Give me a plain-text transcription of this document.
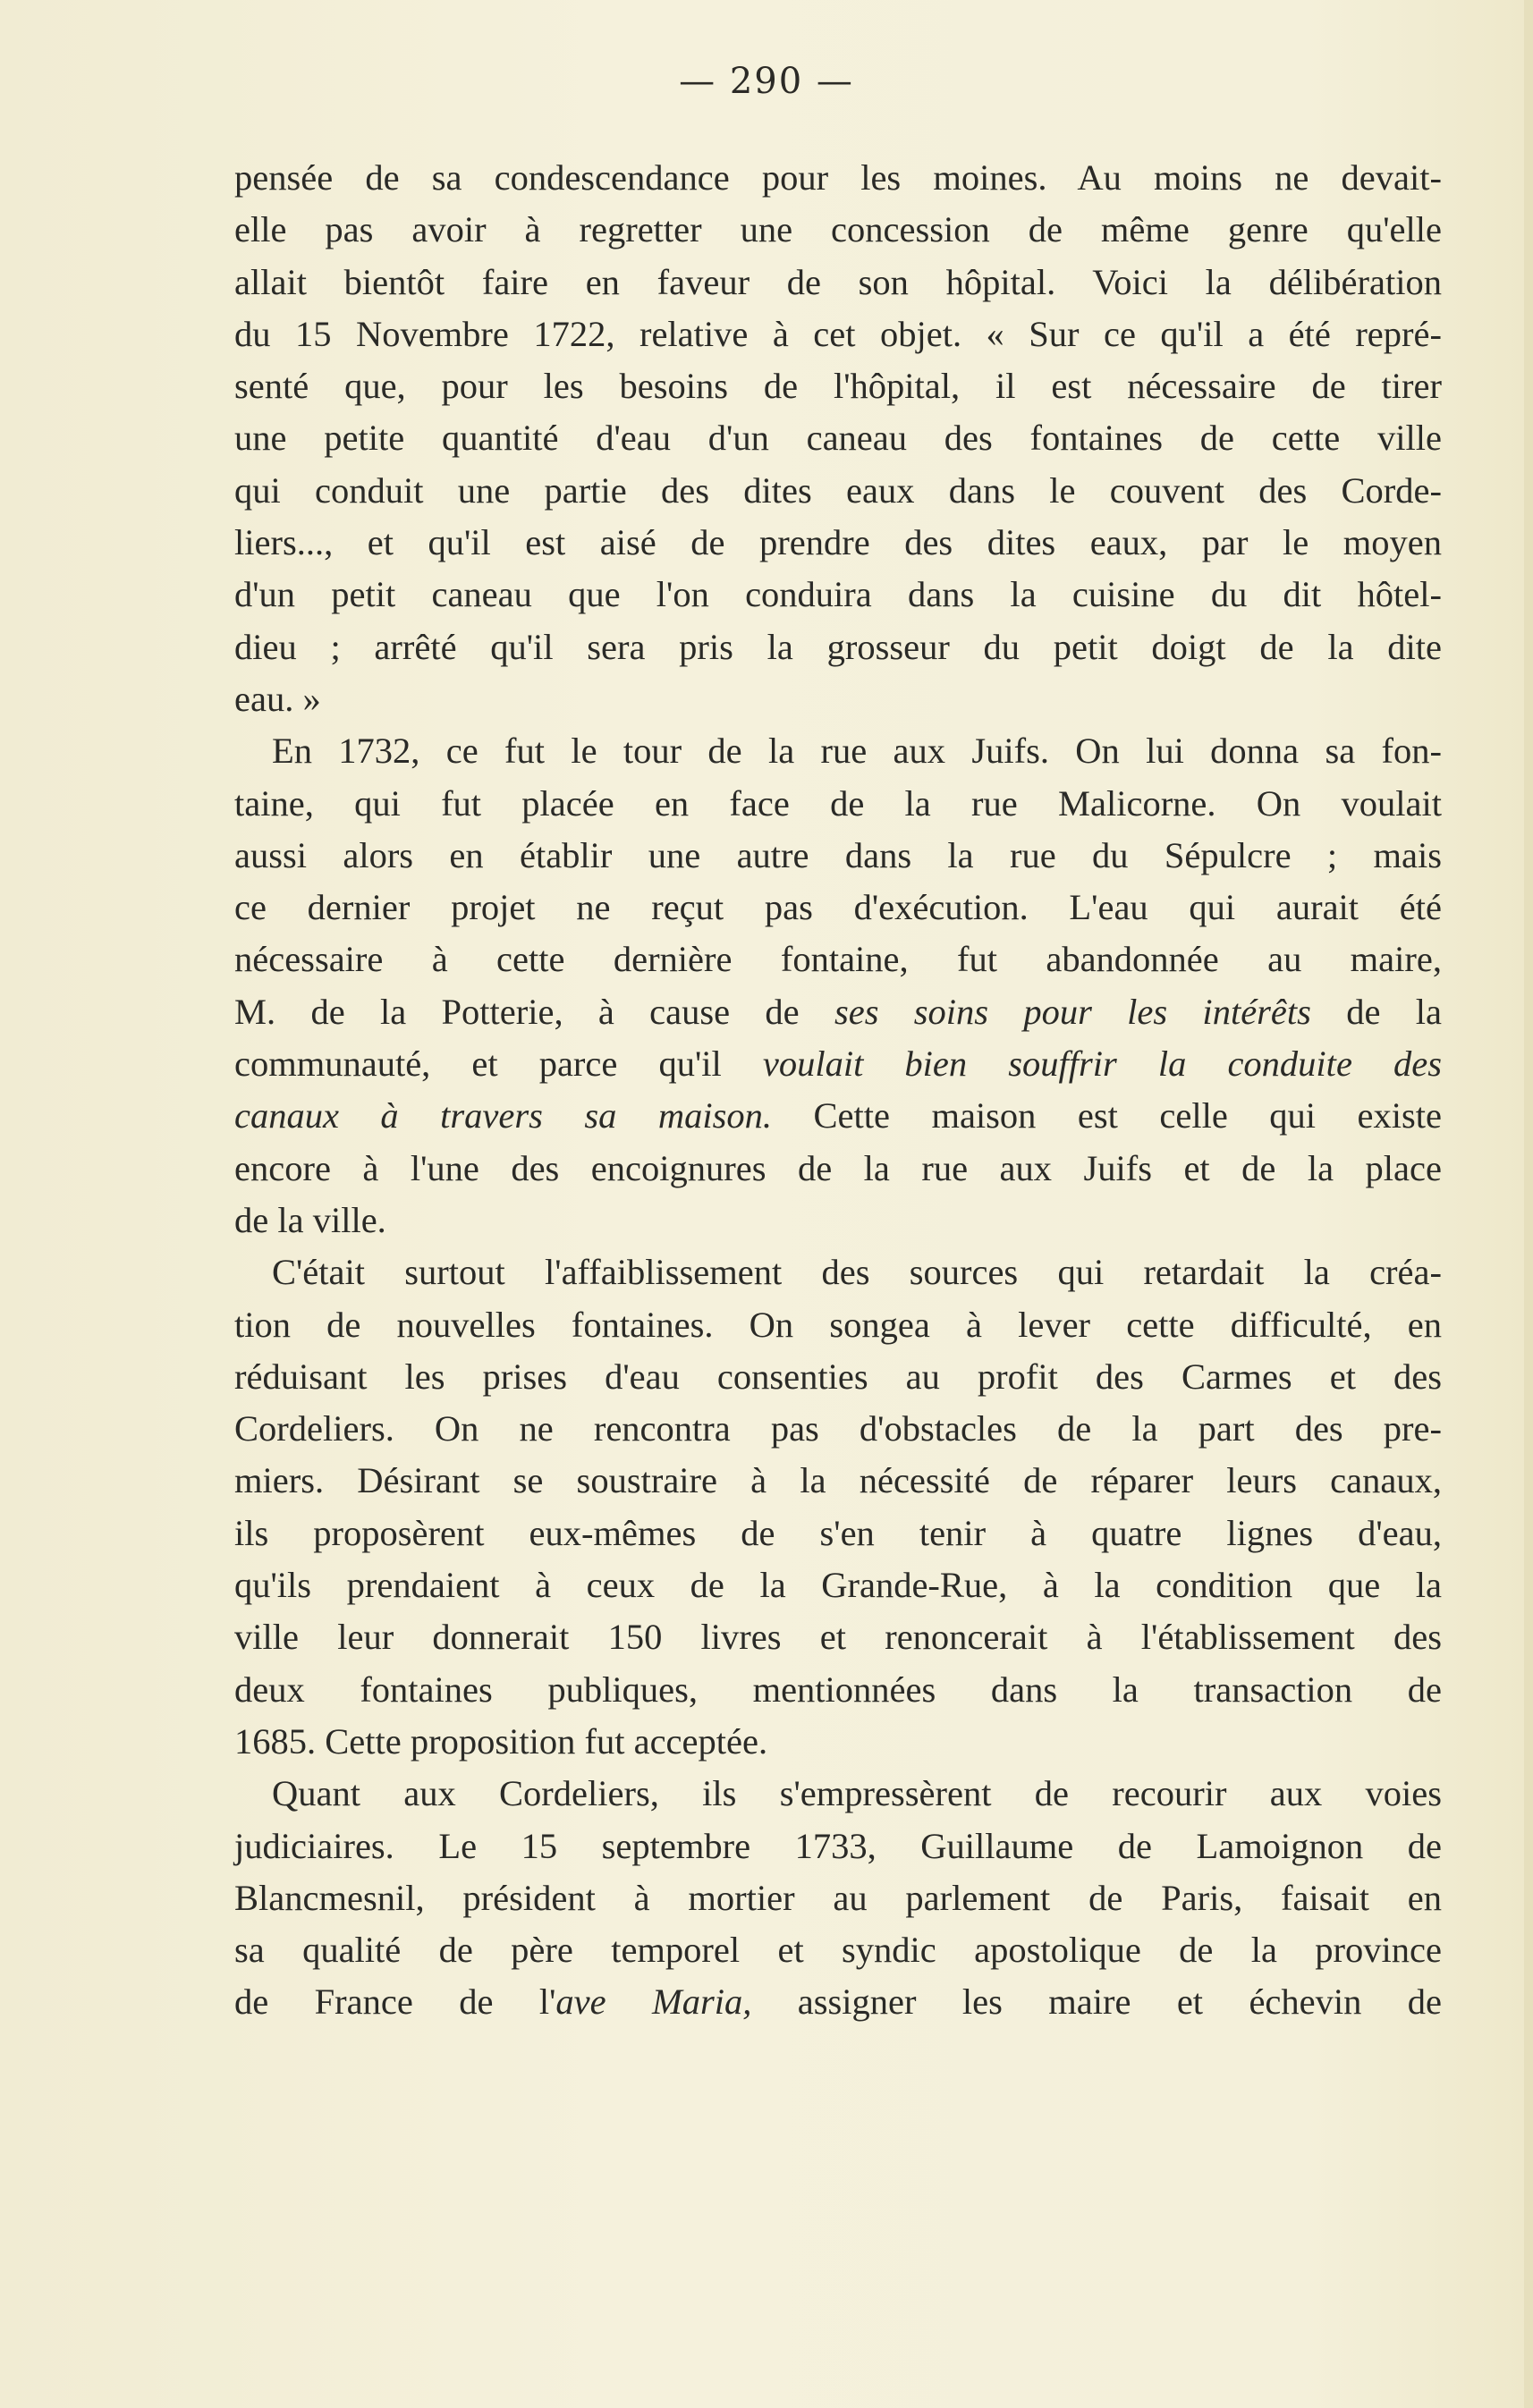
— 290 —
pensée de sa condescendance pour les moines. Au moins ne devait-
elle pas avoir à regretter une concession de même genre qu'elle
allait bientôt faire en faveur de son hôpital. Voici la délibération
du 15 Novembre 1722, relative à cet objet. « Sur ce qu'il a été repré-
senté que, pour les besoins de l'hôpital, il est nécessaire de tirer
une petite quantité d'eau d'un caneau des fontaines de cette ville
qui conduit une partie des dites eaux dans le couvent des Corde-
liers..., et qu'il est aisé de prendre des dites eaux, par le moyen
d'un petit caneau que l'on conduira dans la cuisine du dit hôtel-
dieu ; arrêté qu'il sera pris la grosseur du petit doigt de la dite
eau. »
En 1732, ce fut le tour de la rue aux Juifs. On lui donna sa fon-
taine, qui fut placée en face de la rue Malicorne. On voulait
aussi alors en établir une autre dans la rue du Sépulcre ; mais
ce dernier projet ne reçut pas d'exécution. L'eau qui aurait été
nécessaire à cette dernière fontaine, fut abandonnée au maire,
M. de la Potterie, à cause de ses soins pour les intérêts de la
communauté, et parce qu'il voulait bien souffrir la conduite des
canaux à travers sa maison. Cette maison est celle qui existe
encore à l'une des encoignures de la rue aux Juifs et de la place
de la ville.
C'était surtout l'affaiblissement des sources qui retardait la créa-
tion de nouvelles fontaines. On songea à lever cette difficulté, en
réduisant les prises d'eau consenties au profit des Carmes et des
Cordeliers. On ne rencontra pas d'obstacles de la part des pre-
miers. Désirant se soustraire à la nécessité de réparer leurs canaux,
ils proposèrent eux-mêmes de s'en tenir à quatre lignes d'eau,
qu'ils prendaient à ceux de la Grande-Rue, à la condition que la
ville leur donnerait 150 livres et renoncerait à l'établissement des
deux fontaines publiques, mentionnées dans la transaction de
1685. Cette proposition fut acceptée.
Quant aux Cordeliers, ils s'empressèrent de recourir aux voies
judiciaires. Le 15 septembre 1733, Guillaume de Lamoignon de
Blancmesnil, président à mortier au parlement de Paris, faisait en
sa qualité de père temporel et syndic apostolique de la province
de France de l'ave Maria, assigner les maire et échevin de
